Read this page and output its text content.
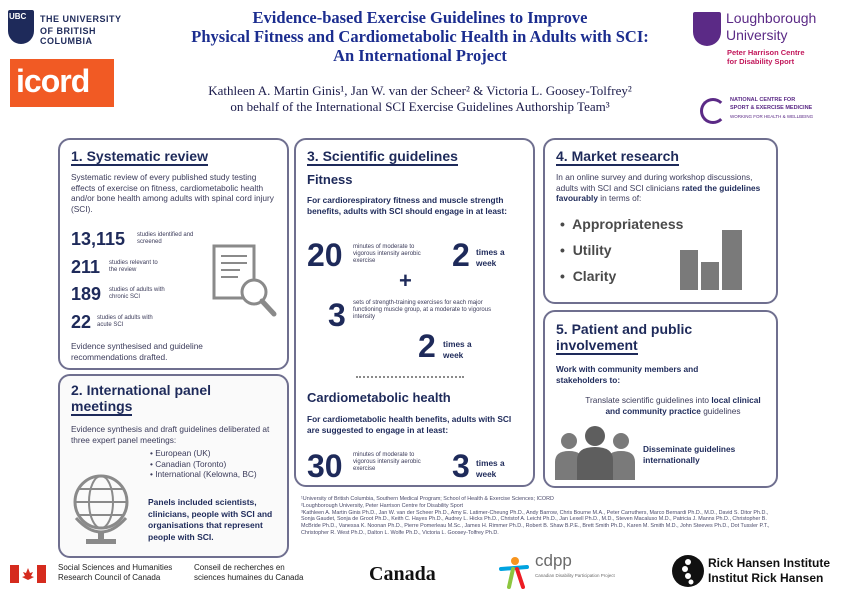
UBC THE UNIVERSITY
OF BRITISH COLUMBIA
icord
Loughborough
University
Peter Harrison Centre
for Disability Sport
NATIONAL CENTRE FOR
SPORT & EXERCISE MEDICINE
WORKING FOR HEALTH & WELLBEING
Evidence-based Exercise Guidelines to Improve
Physical Fitness and Cardiometabolic Health in Adults with SCI:
An International Project
Kathleen A. Martin Ginis¹, Jan W. van der Scheer² & Victoria L. Goosey-Tolfrey²
on behalf of the International SCI Exercise Guidelines Authorship Team³
1. Systematic review
Systematic review of every published study testing effects of exercise on fitness, cardiometabolic health and/or bone health among adults with spinal cord injury (SCI).
13,115 studies identified and screened
211 studies relevant to the review
189 studies of adults with chronic SCI
22 studies of adults with acute SCI
Evidence synthesised and guideline recommendations drafted.
2. International panel
meetings
Evidence synthesis and draft guidelines deliberated at three expert panel meetings:
• European (UK)
• Canadian (Toronto)
• International (Kelowna, BC)
Panels included scientists, clinicians, people with SCI and organisations that represent people with SCI.
3. Scientific guidelines
Fitness
For cardiorespiratory fitness and muscle strength benefits, adults with SCI should engage in at least:
20 minutes of moderate to vigorous intensity aerobic exercise	2 times a week
+
3 sets of strength-training exercises for each major functioning muscle group, at a moderate to vigorous intensity
2 times a week
Cardiometabolic health
For cardiometabolic health benefits, adults with SCI are suggested to engage in at least:
30 minutes of moderate to vigorous intensity aerobic exercise	3 times a week
4. Market research
In an online survey and during workshop discussions, adults with SCI and SCI clinicians rated the guidelines favourably in terms of:
•  Appropriateness
•  Utility
•  Clarity
5. Patient and public
involvement
Work with community members and stakeholders to:
Translate scientific guidelines into local clinical and community practice guidelines
Disseminate guidelines internationally
¹University of British Columbia, Southern Medical Program; School of Health & Exercise Sciences; ICORD
²Loughborough University, Peter Harrison Centre for Disability Sport
³Kathleen A. Martin Ginis Ph.D., Jan W. van der Scheer Ph.D., Amy E. Latimer-Cheung Ph.D., Andy Barrow, Chris Bourne M.A., Peter Carruthers, Marco Bernardi Ph.D., M.D., David S. Ditor Ph.D., Sonja Gaudet, Sonja de Groot Ph.D., Keith C. Hayes Ph.D., Audrey L. Hicks Ph.D., Christof A. Leicht Ph.D., Jan Lexell Ph.D., M.D., Steven Macaluso M.D., Patricia J. Manns Ph.D., Christopher B. McBride Ph.D., Vanessa K. Noonan Ph.D., Pierre Pomerleau M.Sc., James H. Rimmer Ph.D., Robert B. Shaw B.P.E., Brett Smith Ph.D., Karen M. Smith M.D., John Steeves Ph.D., Dot Tussler P.T., Christopher R. West Ph.D., Dalton L. Wolfe Ph.D., Victoria L. Goosey-Tolfrey Ph.D.
Social Sciences and Humanities
Research Council of Canada
Conseil de recherches en
sciences humaines du Canada	Canada
cdpp
Canadian Disability Participation Project
Rick Hansen Institute
Institut Rick Hansen
